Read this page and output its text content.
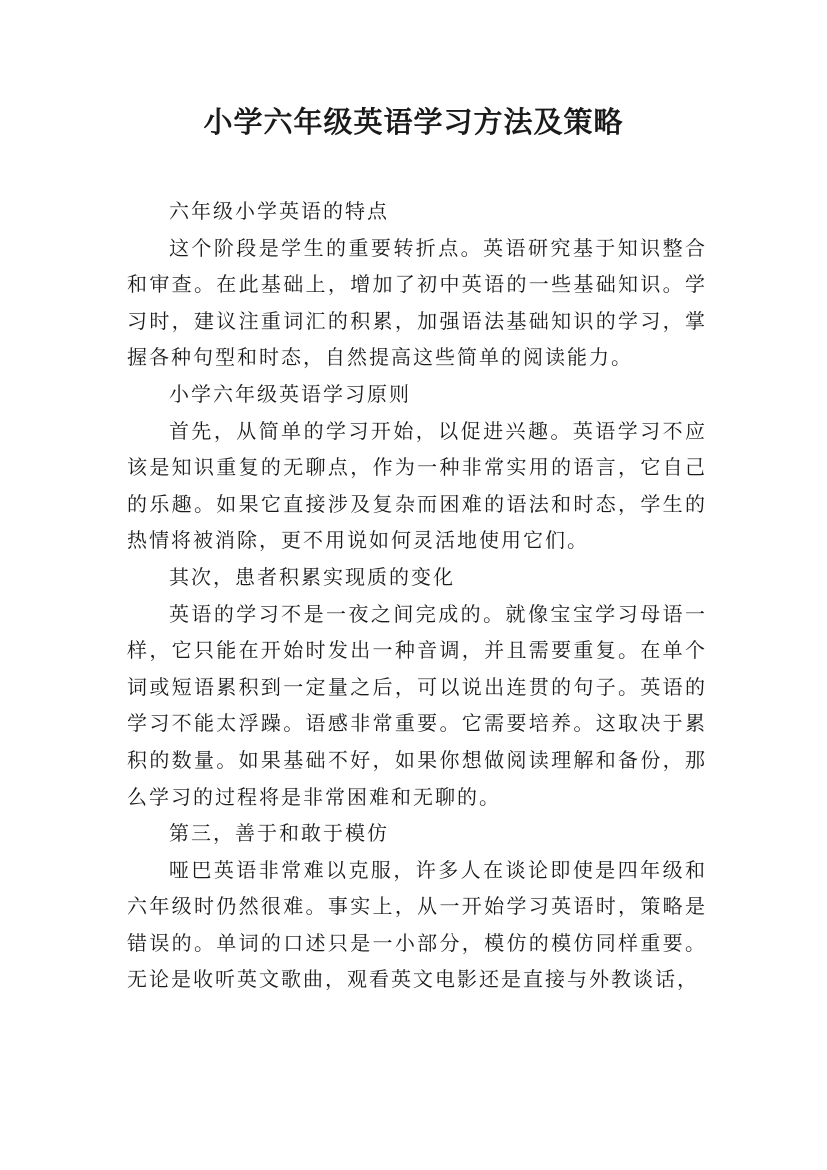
小学六年级英语学习方法及策略

六年级小学英语的特点

这个阶段是学生的重要转折点。英语研究基于知识整合和审查。在此基础上，增加了初中英语的一些基础知识。学习时，建议注重词汇的积累，加强语法基础知识的学习，掌握各种句型和时态，自然提高这些简单的阅读能力。

小学六年级英语学习原则

首先，从简单的学习开始，以促进兴趣。英语学习不应该是知识重复的无聊点，作为一种非常实用的语言，它自己的乐趣。如果它直接涉及复杂而困难的语法和时态，学生的热情将被消除，更不用说如何灵活地使用它们。

其次，患者积累实现质的变化

英语的学习不是一夜之间完成的。就像宝宝学习母语一样，它只能在开始时发出一种音调，并且需要重复。在单个词或短语累积到一定量之后，可以说出连贯的句子。英语的学习不能太浮躁。语感非常重要。它需要培养。这取决于累积的数量。如果基础不好，如果你想做阅读理解和备份，那么学习的过程将是非常困难和无聊的。

第三，善于和敢于模仿

哑巴英语非常难以克服，许多人在谈论即使是四年级和六年级时仍然很难。事实上，从一开始学习英语时，策略是错误的。单词的口述只是一小部分，模仿的模仿同样重要。无论是收听英文歌曲，观看英文电影还是直接与外教谈话，
